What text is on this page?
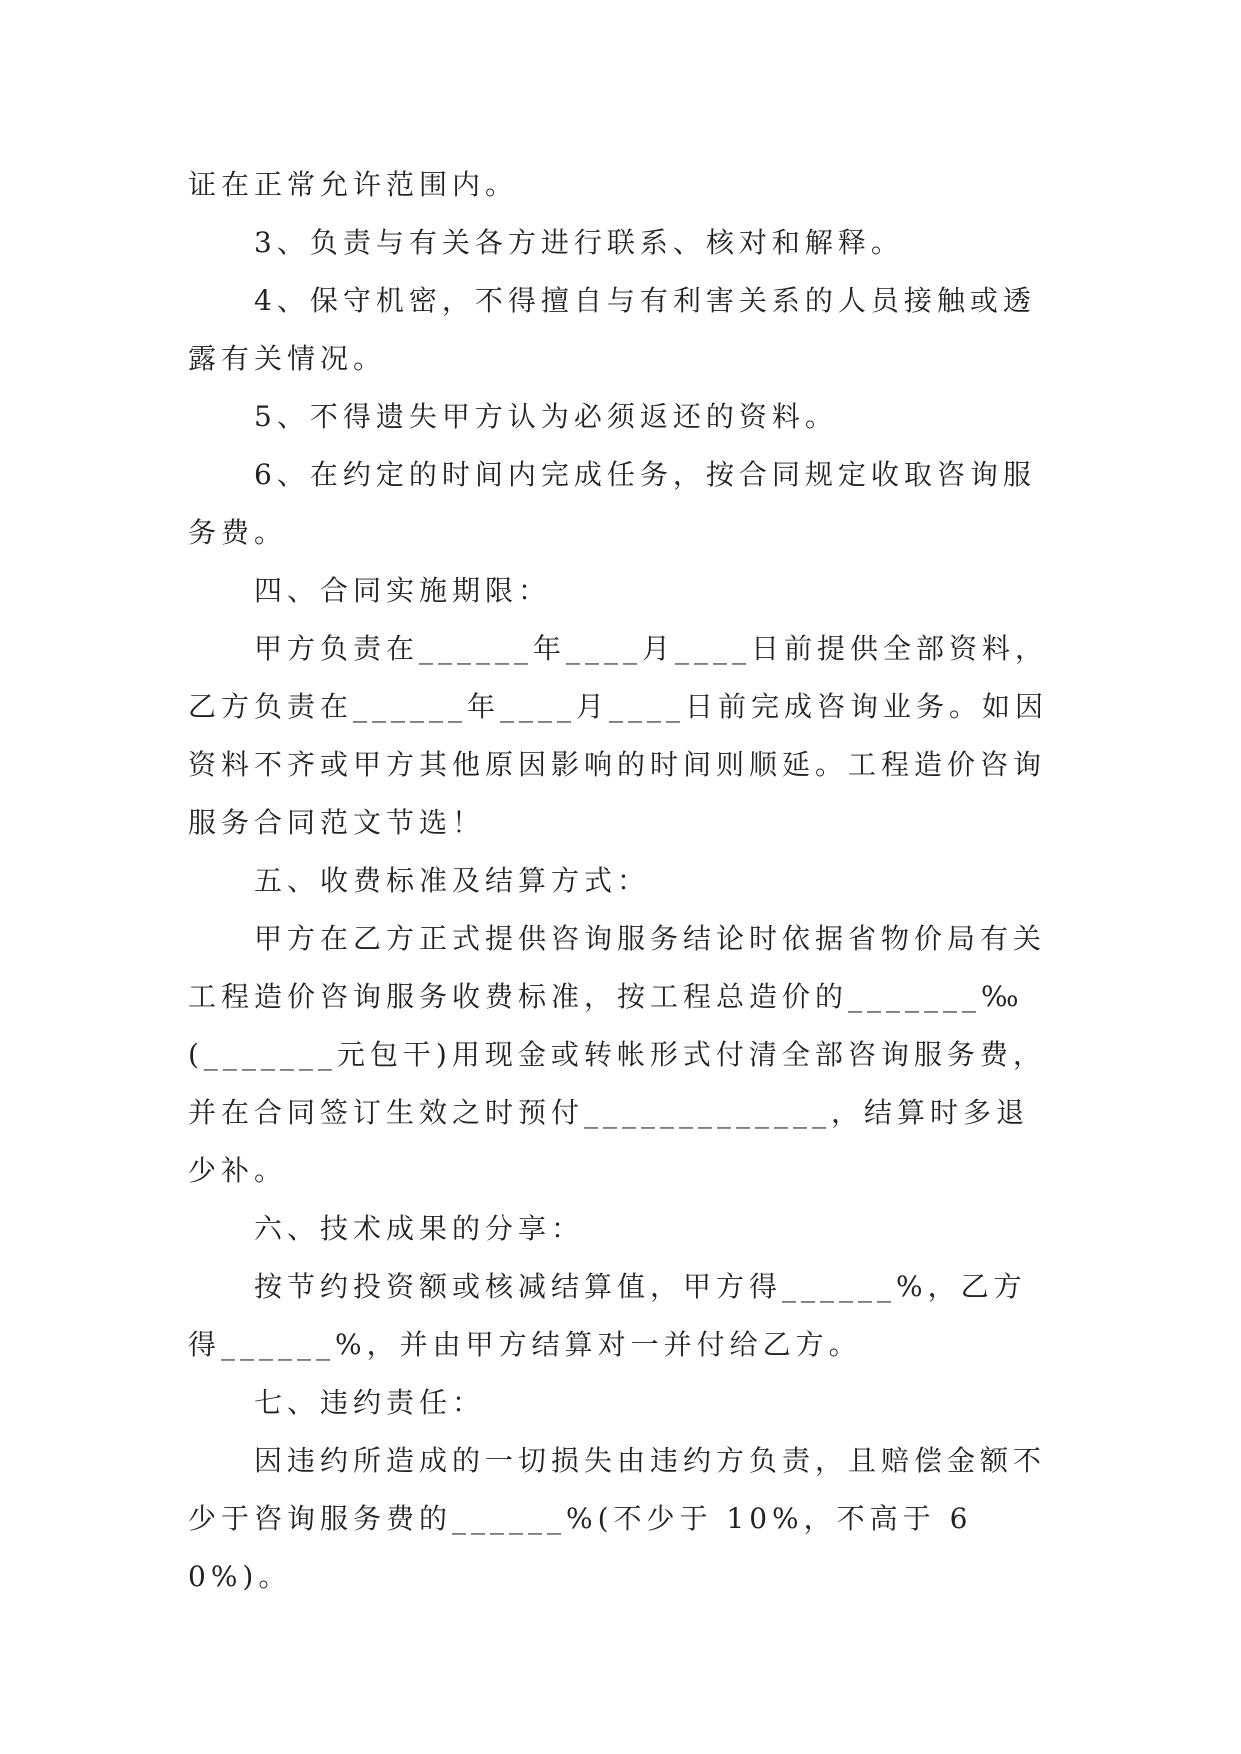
证在正常允许范围内。

3、负责与有关各方进行联系、核对和解释。

4、保守机密，不得擅自与有利害关系的人员接触或透露有关情况。

5、不得遗失甲方认为必须返还的资料。

6、在约定的时间内完成任务，按合同规定收取咨询服务费。

四、合同实施期限：

甲方负责在______年____月____日前提供全部资料，乙方负责在______年____月____日前完成咨询业务。如因资料不齐或甲方其他原因影响的时间则顺延。工程造价咨询服务合同范文节选！

五、收费标准及结算方式：

甲方在乙方正式提供咨询服务结论时依据省物价局有关工程造价咨询服务收费标准，按工程总造价的_______‰(_______元包干)用现金或转帐形式付清全部咨询服务费，并在合同签订生效之时预付_____________，结算时多退少补。

六、技术成果的分享：

按节约投资额或核减结算值，甲方得______%，乙方得______%，并由甲方结算对一并付给乙方。

七、违约责任：

因违约所造成的一切损失由违约方负责，且赔偿金额不少于咨询服务费的______%(不少于 10%，不高于 60%)。
